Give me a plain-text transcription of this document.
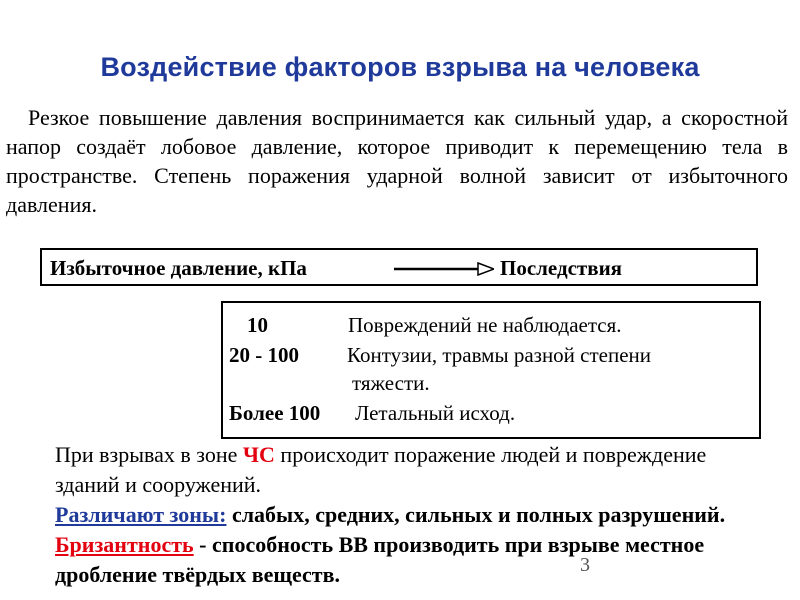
Воздействие факторов взрыва на человека
Резкое повышение давления воспринимается как сильный удар, а скоростной напор создаёт лобовое давление, которое приводит к перемещению тела в пространстве. Степень поражения ударной волной зависит от избыточного давления.
Избыточное давление, кПа	Последствия
10	Повреждений не наблюдается.
20 - 100 Контузии, травмы разной степени
тяжести.
Более 100 Летальный исход.
При взрывах в зоне ЧС происходит поражение людей и повреждение зданий и сооружений.
Различают зоны: слабых, средних, сильных и полных разрушений. Бризантность - способность ВВ производить при взрыве местное дробление твёрдых веществ.	3
